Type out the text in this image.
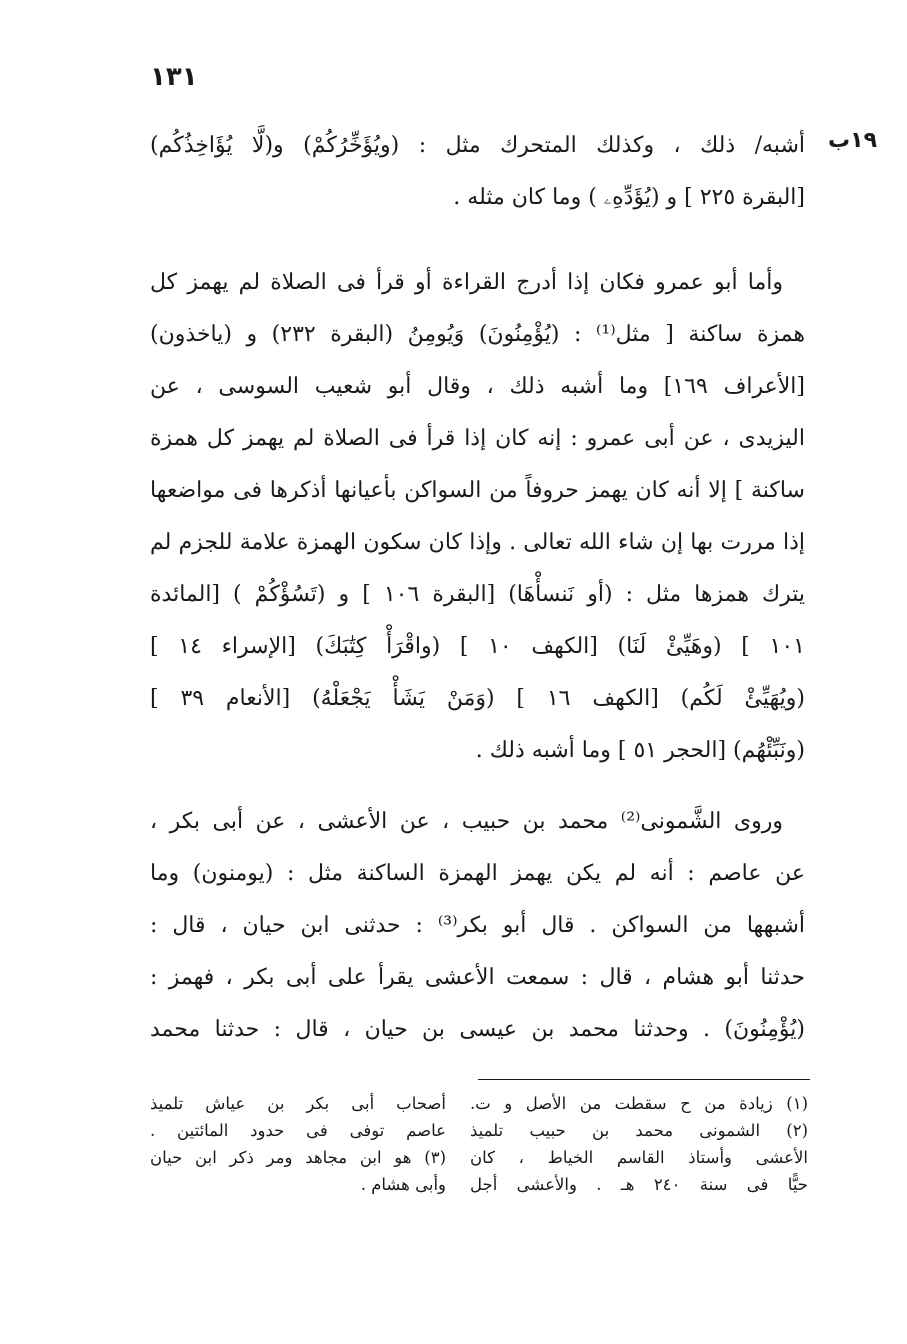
١٣١
١٩ب
أشبه/ ذلك ، وكذلك المتحرك مثل : (ويُؤَخِّرُكُمْ) و(لَّا يُؤَاخِذُكُم)
[البقرة ٢٢٥ ] و (يُؤَدِّهِۦ ) وما كان مثله .
وأما أبو عمرو فكان إذا أدرج القراءة أو قرأ فى الصلاة لم يهمز كل
همزة ساكنة [ مثل⁽¹⁾ : (يُؤْمِنُونَ) وَيُومِنُ (البقرة ٢٣٢) و (ياخذون)
[الأعراف ١٦٩] وما أشبه ذلك ، وقال أبو شعيب السوسى ، عن
اليزيدى ، عن أبى عمرو : إنه كان إذا قرأ فى الصلاة لم يهمز كل همزة
ساكنة ] إلا أنه كان يهمز حروفاً من السواكن بأعيانها أذكرها فى مواضعها
إذا مررت بها إن شاء الله تعالى . وإذا كان سكون الهمزة علامة للجزم لم
يترك همزها مثل : (أو نَنسأْهَا) [البقرة ١٠٦ ] و (تَسُؤْكُمْ ) [المائدة
١٠١ ] (وهَيِّئْ لَنَا) [الكهف ١٠ ] (واقْرَأْ كِتَٰبَكَ) [الإسراء ١٤ ]
(ويُهَيِّئْ لَكُم) [الكهف ١٦ ] (وَمَنْ يَشَأْ يَجْعَلْهُ) [الأنعام ٣٩ ]
(ونَبِّئْهُم) [الحجر ٥١ ] وما أشبه ذلك .
وروى الشَّمونى⁽²⁾ محمد بن حبيب ، عن الأعشى ، عن أبى بكر ،
عن عاصم : أنه لم يكن يهمز الهمزة الساكنة مثل : (يومنون) وما
أشبهها من السواكن . قال أبو بكر⁽³⁾ : حدثنى ابن حيان ، قال :
حدثنا أبو هشام ، قال : سمعت الأعشى يقرأ على أبى بكر ، فهمز :
(يُؤْمِنُونَ) . وحدثنا محمد بن عيسى بن حيان ، قال : حدثنا محمد
(١) زيادة من ح سقطت من الأصل و ت.
(٢) الشمونى محمد بن حبيب تلميذ
الأعشى وأستاذ القاسم الخياط ، كان
حيًّا فى سنة ٢٤٠ هـ . والأعشى أجل
أصحاب أبى بكر بن عياش تلميذ
عاصم توفى فى حدود المائتين .
(٣) هو ابن مجاهد ومر ذكر ابن حيان
وأبى هشام .
